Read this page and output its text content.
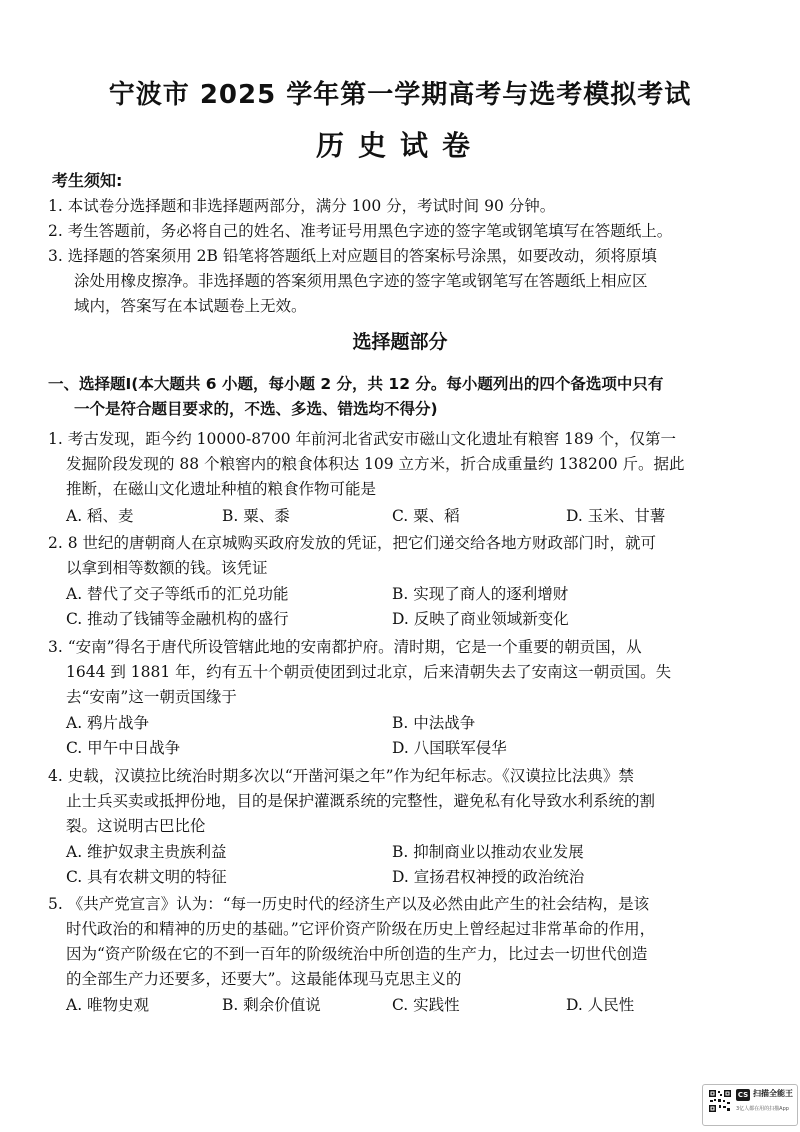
宁波市 2025 学年第一学期高考与选考模拟考试
历史试卷
考生须知:
1. 本试卷分选择题和非选择题两部分，满分 100 分，考试时间 90 分钟。
2. 考生答题前，务必将自己的姓名、准考证号用黑色字迹的签字笔或钢笔填写在答题纸上。
3. 选择题的答案须用 2B 铅笔将答题纸上对应题目的答案标号涂黑，如要改动，须将原填
涂处用橡皮擦净。非选择题的答案须用黑色字迹的签字笔或钢笔写在答题纸上相应区
域内，答案写在本试题卷上无效。
选择题部分
一、选择题Ⅰ(本大题共 6 小题，每小题 2 分，共 12 分。每小题列出的四个备选项中只有
一个是符合题目要求的，不选、多选、错选均不得分)
1. 考古发现，距今约 10000-8700 年前河北省武安市磁山文化遗址有粮窖 189 个，仅第一
发掘阶段发现的 88 个粮窖内的粮食体积达 109 立方米，折合成重量约 138200 斤。据此
推断，在磁山文化遗址种植的粮食作物可能是
A. 稻、麦	B. 粟、黍	C. 粟、稻	D. 玉米、甘薯
2. 8 世纪的唐朝商人在京城购买政府发放的凭证，把它们递交给各地方财政部门时，就可
以拿到相等数额的钱。该凭证
A. 替代了交子等纸币的汇兑功能	B. 实现了商人的逐利增财
C. 推动了钱铺等金融机构的盛行	D. 反映了商业领域新变化
3. “安南”得名于唐代所设管辖此地的安南都护府。清时期，它是一个重要的朝贡国，从
1644 到 1881 年，约有五十个朝贡使团到过北京，后来清朝失去了安南这一朝贡国。失
去“安南”这一朝贡国缘于
A. 鸦片战争	B. 中法战争
C. 甲午中日战争	D. 八国联军侵华
4. 史载，汉谟拉比统治时期多次以“开凿河渠之年”作为纪年标志。《汉谟拉比法典》禁
止士兵买卖或抵押份地，目的是保护灌溉系统的完整性，避免私有化导致水利系统的割
裂。这说明古巴比伦
A. 维护奴隶主贵族利益	B. 抑制商业以推动农业发展
C. 具有农耕文明的特征	D. 宣扬君权神授的政治统治
5. 《共产党宣言》认为：“每一历史时代的经济生产以及必然由此产生的社会结构，是该
时代政治的和精神的历史的基础。”它评价资产阶级在历史上曾经起过非常革命的作用，
因为“资产阶级在它的不到一百年的阶级统治中所创造的生产力，比过去一切世代创造
的全部生产力还要多，还要大”。这最能体现马克思主义的
A. 唯物史观	B. 剩余价值说	C. 实践性	D. 人民性
CS 扫描全能王
3亿人都在用的扫描App
